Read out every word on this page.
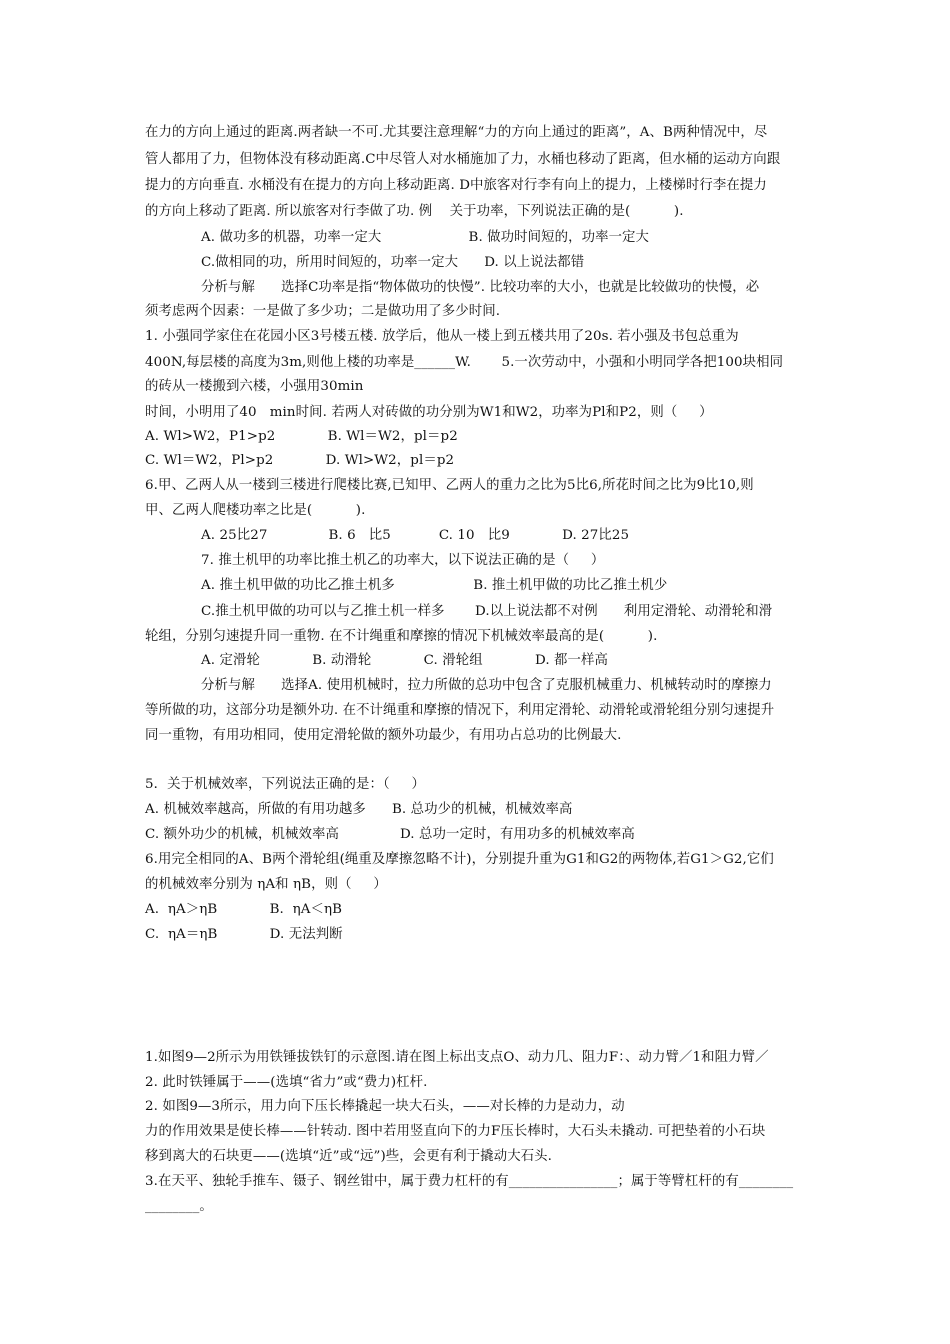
在力的方向上通过的距离.两者缺一不可.尤其要注意理解“力的方向上通过的距离”，A、B两种情况中，尽
管人都用了力，但物体没有移动距离.C中尽管人对水桶施加了力，水桶也移动了距离，但水桶的运动方向跟
提力的方向垂直. 水桶没有在提力的方向上移动距离. D中旅客对行李有向上的提力，上楼梯时行李在提力
的方向上移动了距离. 所以旅客对行李做了功. 例    关于功率，下列说法正确的是(          ).
A. 做功多的机器，功率一定大                    B. 做功时间短的，功率一定大
C.做相同的功，所用时间短的，功率一定大      D. 以上说法都错
分析与解      选择C功率是指“物体做功的快慢”. 比较功率的大小，也就是比较做功的快慢，必
须考虑两个因素：一是做了多少功；二是做功用了多少时间.
1. 小强同学家住在花园小区3号楼五楼. 放学后，他从一楼上到五楼共用了20s. 若小强及书包总重为
400N,每层楼的高度为3m,则他上楼的功率是______W.       5.一次劳动中，小强和小明同学各把100块相同
的砖从一楼搬到六楼，小强用30min
时间，小明用了40   min时间. 若两人对砖做的功分别为W1和W2，功率为Pl和P2，则（     ）
A. Wl>W2，P1>p2            B. Wl＝W2，pl＝p2
C. Wl＝W2，Pl>p2            D. Wl>W2，pl＝p2
6.甲、乙两人从一楼到三楼进行爬楼比赛,已知甲、乙两人的重力之比为5比6,所花时间之比为9比10,则
甲、乙两人爬楼功率之比是(          ).
A. 25比27              B. 6   比5           C. 10   比9            D. 27比25
7. 推土机甲的功率比推土机乙的功率大，以下说法正确的是（     ）
A. 推土机甲做的功比乙推土机多                  B. 推土机甲做的功比乙推土机少
C.推土机甲做的功可以与乙推土机一样多       D.以上说法都不对例      利用定滑轮、动滑轮和滑
轮组，分别匀速提升同一重物. 在不计绳重和摩擦的情况下机械效率最高的是(          ).
A. 定滑轮            B. 动滑轮            C. 滑轮组            D. 都一样高
分析与解      选择A. 使用机械时，拉力所做的总功中包含了克服机械重力、机械转动时的摩擦力
等所做的功，这部分功是额外功. 在不计绳重和摩擦的情况下，利用定滑轮、动滑轮或滑轮组分别匀速提升
同一重物，有用功相同，使用定滑轮做的额外功最少，有用功占总功的比例最大.
5．关于机械效率，下列说法正确的是：（     ）
A. 机械效率越高，所做的有用功越多      B. 总功少的机械，机械效率高
C. 额外功少的机械，机械效率高              D. 总功一定时，有用功多的机械效率高
6.用完全相同的A、B两个滑轮组(绳重及摩擦忽略不计)，分别提升重为G1和G2的两物体,若G1＞G2,它们
的机械效率分别为 ηA和 ηB，则（     ）
A.  ηA＞ηB            B.  ηA＜ηB
C.  ηA＝ηB            D. 无法判断
1.如图9—2所示为用铁锤拔铁钉的示意图.请在图上标出支点O、动力几、阻力F：、动力臂／1和阻力臂／
2. 此时铁锤属于——(选填“省力”或“费力)杠杆.
2. 如图9—3所示，用力向下压长棒撬起一块大石头，——对长棒的力是动力，动
力的作用效果是使长棒——针转动. 图中若用竖直向下的力F压长棒时，大石头未撬动. 可把垫着的小石块
移到离大的石块更——(选填“近”或“远”)些，会更有利于撬动大石头.
3.在天平、独轮手推车、镊子、钢丝钳中，属于费力杠杆的有________________；属于等臂杠杆的有________
________。
